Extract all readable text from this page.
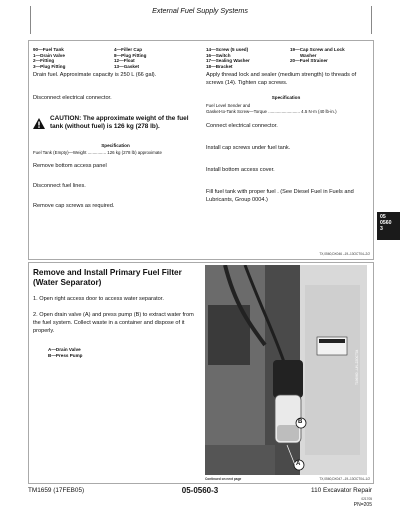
External Fuel Supply Systems
90—Fuel Tank
1—Drain Valve
2—Fitting
3—Plug Fitting
4—Filler Cap
8—Plug Fitting
12—Float
13—Gasket
14—Screw (5 used)
16—Switch
17—Sealing Washer
18—Bracket
19—Cap Screw and Lock
Washer
20—Fuel Strainer
Drain fuel. Approximate capacity is 250 L (66 gal).
Disconnect electrical connector.
CAUTION: The approximate weight of the fuel tank (without fuel) is 126 kg (278 lb).
Specification
Fuel Tank (Empty)—Weight ............... 126 kg (278 lb) approximate
Remove bottom access panel
Disconnect fuel lines.
Remove cap screws as required.
Apply thread lock and sealer (medium strength) to threads of screws (14). Tighten cap screws.
Specification
Fuel Level Sender and
Gasket-to-Tank Screw—Torque .......................... 4.5 N·m (40 lb-in.)
Connect electrical connector.
Install cap screws under fuel tank.
Install bottom access cover.
Fill fuel tank with proper fuel . (See Diesel Fuel in Fuels and Lubricants, Group 0004.)
TX,0560,DX046 –19–13OCT04–2/2
05
0560
3
Remove and Install Primary Fuel Filter (Water Separator)
1. Open right access door to access water separator.
2. Open drain valve (A) and press pump (B) to extract water from the fuel system. Collect waste in a container and dispose of it properly.
A—Drain Valve
B—Press Pump
B
A
T196960 –UN–22OCT04
Continued on next page	TX,0560,DX047 –19–13OCT04–1/2
TM1659 (17FEB05)	05-0560-3	110 Excavator Repair
021705
PN=205
